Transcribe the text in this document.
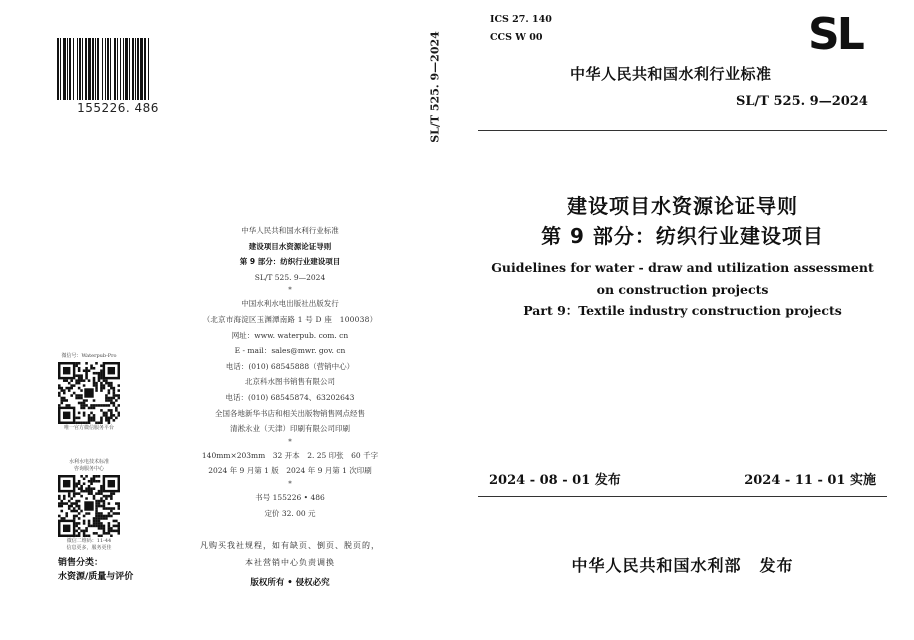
155226. 486	SL/T 525. 9—2024
中华人民共和国水利行业标准
建设项目水资源论证导则
第 9 部分：纺织行业建设项目
SL/T 525. 9—2024
*
中国水利水电出版社出版发行
（北京市海淀区玉渊潭南路 1 号 D 座　100038）
网址：www. waterpub. com. cn
E - mail：sales@mwr. gov. cn
电话：(010) 68545888（营销中心）
北京科水图书销售有限公司
电话：(010) 68545874、63202643
全国各地新华书店和相关出版物销售网点经售
清淞永业（天津）印刷有限公司印刷
*
140mm×203mm　32 开本　2. 25 印张　60 千字
2024 年 9 月第 1 版　2024 年 9 月第 1 次印刷
*
书号 155226 • 486
定价 32. 00 元
凡购买我社规程，如有缺页、倒页、脱页的，
本社营销中心负责调换
版权所有 • 侵权必究
微信号：Waterpub-Pro
唯一官方微信服务平台
水利水电技术标准
咨询服务中心
微信二维码：11-44
信息更多，服务更佳
销售分类：
水资源/质量与评价
ICS 27. 140
CCS W 00	SL
中华人民共和国水利行业标准
SL/T 525. 9—2024
建设项目水资源论证导则
第 9 部分：纺织行业建设项目
Guidelines for water - draw and utilization assessment
on construction projects
Part 9：Textile industry construction projects
2024 - 08 - 01 发布	2024 - 11 - 01 实施
中华人民共和国水利部 发布
